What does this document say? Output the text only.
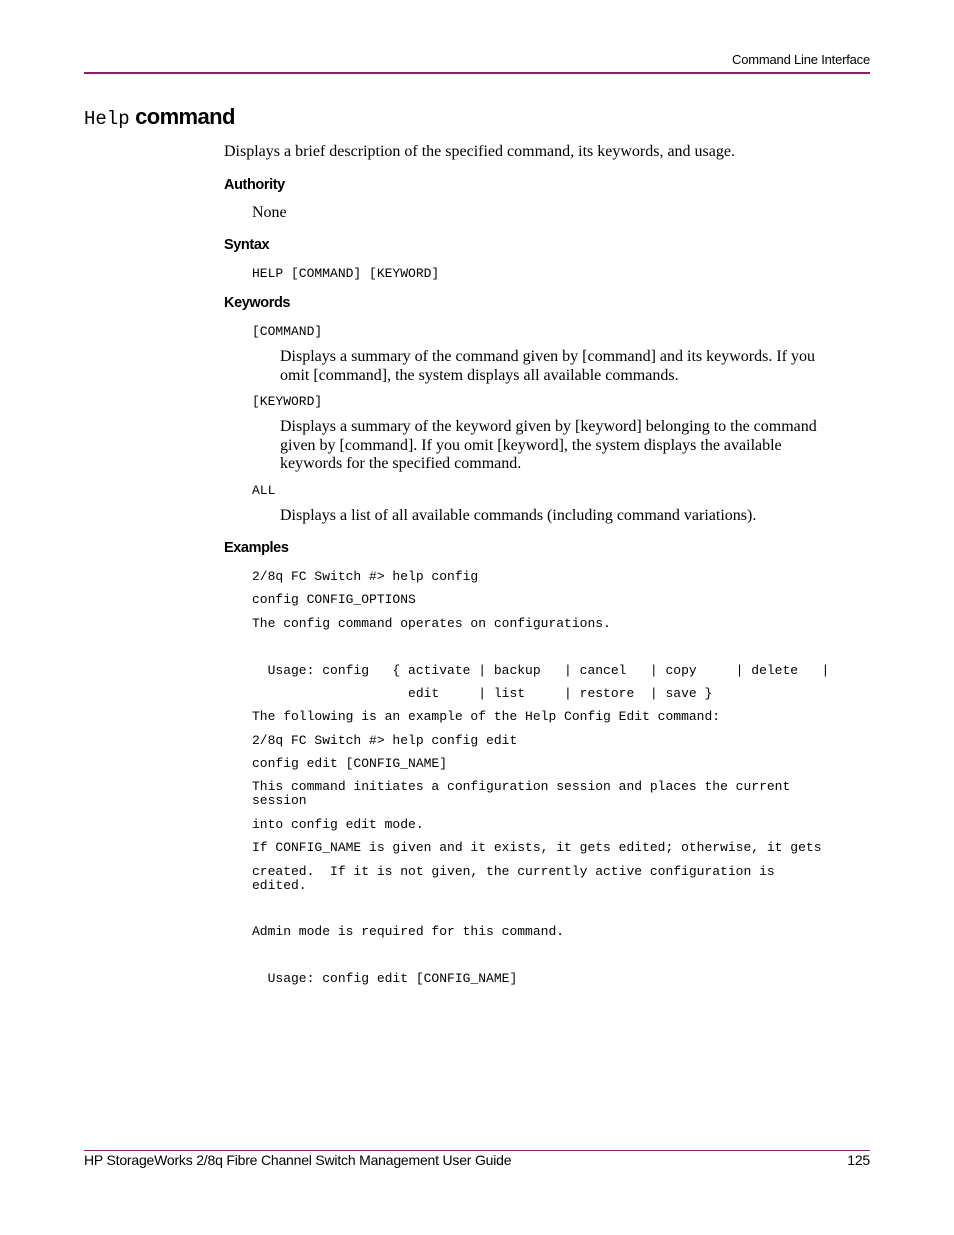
Command Line Interface
Help command

Displays a brief description of the specified command, its keywords, and usage.

Authority

None

Syntax
HELP [COMMAND] [KEYWORD]
Keywords
[COMMAND]
Displays a summary of the command given by [command] and its keywords. If you
omit [command], the system displays all available commands.
[KEYWORD]
Displays a summary of the keyword given by [keyword] belonging to the command
given by [command]. If you omit [keyword], the system displays the available
keywords for the specified command.
ALL
Displays a list of all available commands (including command variations).
Examples
2/8q FC Switch #> help config
config CONFIG_OPTIONS
The config command operates on configurations.
Usage: config   { activate | backup   | cancel   | copy     | delete   |
edit     | list     | restore  | save }
The following is an example of the Help Config Edit command:
2/8q FC Switch #> help config edit
config edit [CONFIG_NAME]
This command initiates a configuration session and places the current
session
into config edit mode.
If CONFIG_NAME is given and it exists, it gets edited; otherwise, it gets
created.  If it is not given, the currently active configuration is
edited.
Admin mode is required for this command.
Usage: config edit [CONFIG_NAME]
HP StorageWorks 2/8q Fibre Channel Switch Management User Guide	125
